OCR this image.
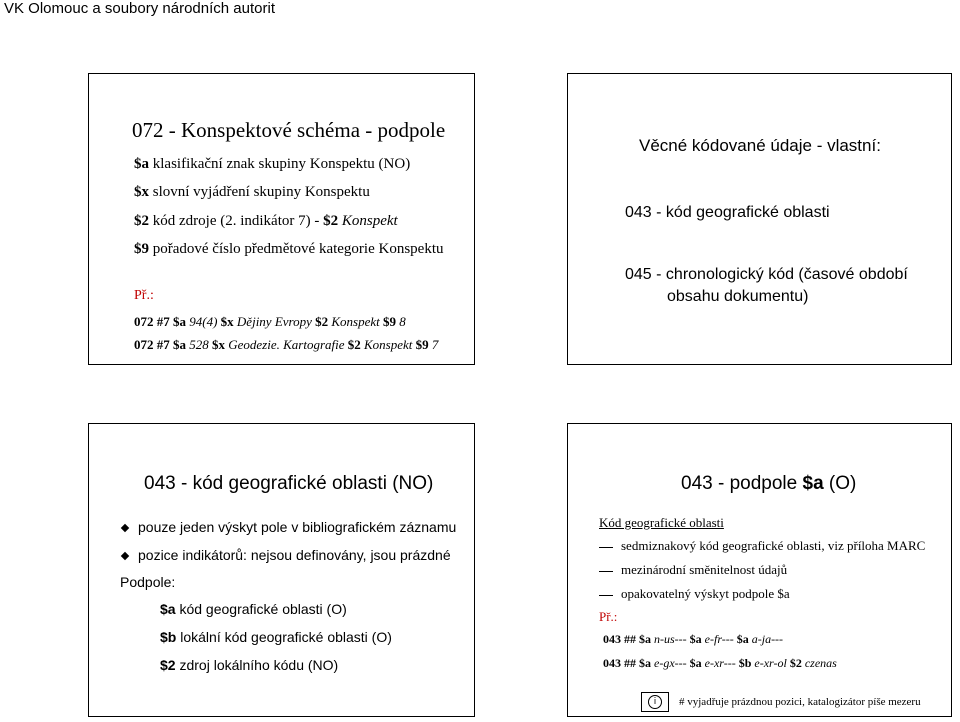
VK Olomouc a soubory národních autorit
072 - Konspektové schéma - podpole
$a klasifikační znak skupiny Konspektu (NO)
$x slovní vyjádření skupiny Konspektu
$2 kód zdroje (2. indikátor 7) - $2 Konspekt
$9 pořadové číslo předmětové kategorie Konspektu
Př.:
072 #7 $a 94(4) $x Dějiny Evropy $2 Konspekt $9 8
072 #7 $a 528 $x Geodezie. Kartografie $2 Konspekt $9 7
Věcné kódované údaje - vlastní:
043 - kód geografické oblasti
045 - chronologický kód (časové období
obsahu dokumentu)
043 - kód geografické oblasti (NO)
pouze jeden výskyt pole v bibliografickém záznamu
pozice indikátorů: nejsou definovány, jsou prázdné
Podpole:
$a kód geografické oblasti (O)
$b lokální kód geografické oblasti (O)
$2 zdroj lokálního kódu (NO)
043 - podpole $a (O)
Kód geografické oblasti
sedmiznakový kód geografické oblasti, viz příloha MARC
mezinárodní směnitelnost údajů
opakovatelný výskyt podpole $a
Př.:
043 ## $a n-us--- $a e-fr--- $a a-ja---
043 ## $a e-gx--- $a e-xr--- $b e-xr-ol $2 czenas
i	# vyjadřuje prázdnou pozici, katalogizátor píše mezeru
